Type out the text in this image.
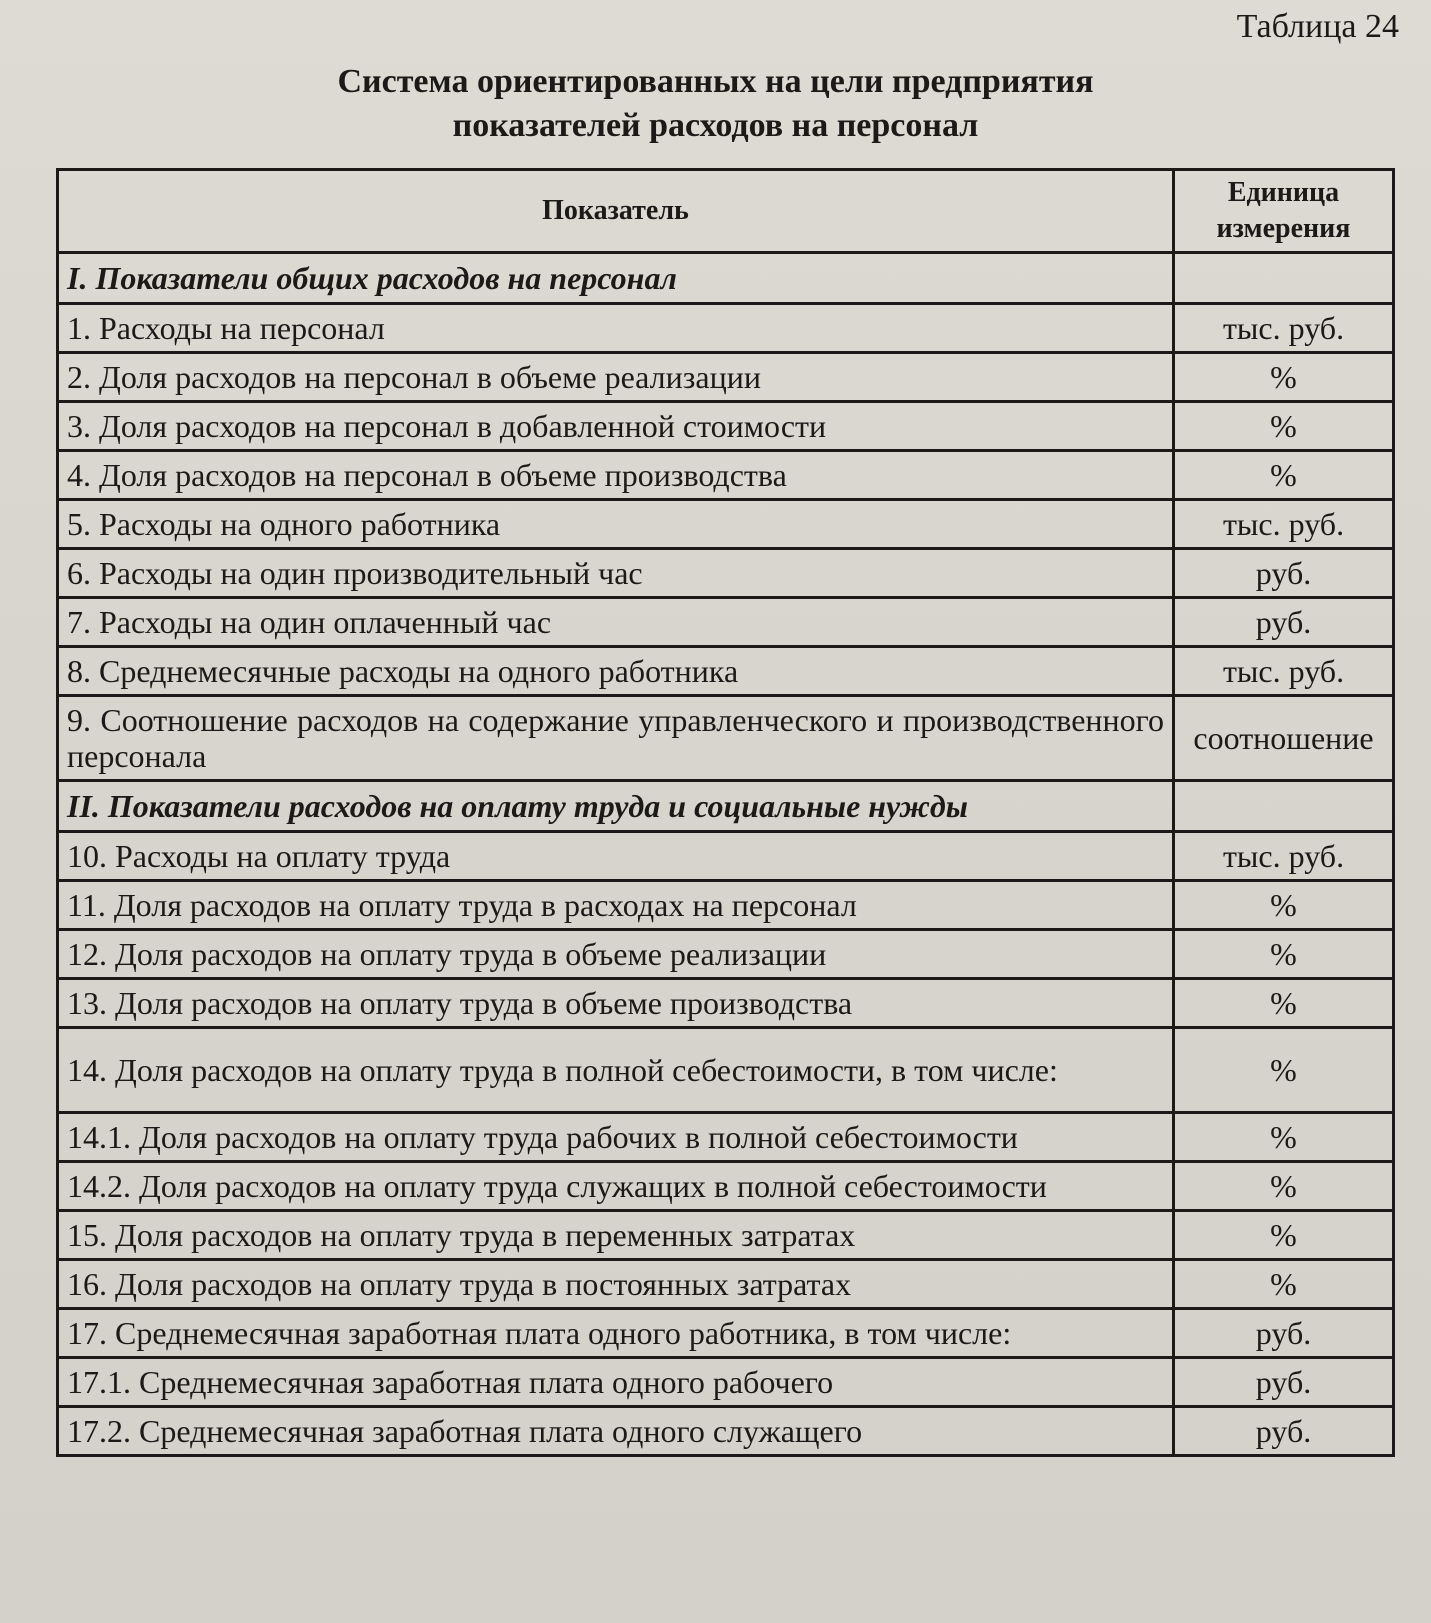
Таблица 24
Система ориентированных на цели предприятия
показателей расходов на персонал
Показатель	Единица
измерения

I. Показатели общих расходов на персонал	
1. Расходы на персонал	тыс. руб.
2. Доля расходов на персонал в объеме реализации	%
3. Доля расходов на персонал в добавленной стоимости	%
4. Доля расходов на персонал в объеме производства	%
5. Расходы на одного работника	тыс. руб.
6. Расходы на один производительный час	руб.
7. Расходы на один оплаченный час	руб.
8. Среднемесячные расходы на одного работника	тыс. руб.
9. Соотношение расходов на содержание управленческого и производственного персонала	соотношение
II. Показатели расходов на оплату труда и социальные нужды	
10. Расходы на оплату труда	тыс. руб.
11. Доля расходов на оплату труда в расходах на персонал	%
12. Доля расходов на оплату труда в объеме реализации	%
13. Доля расходов на оплату труда в объеме производства	%
14. Доля расходов на оплату труда в полной себестоимости, в том числе:	%
14.1. Доля расходов на оплату труда рабочих в полной себестоимости	%
14.2. Доля расходов на оплату труда служащих в полной себестоимости	%
15. Доля расходов на оплату труда в переменных затратах	%
16. Доля расходов на оплату труда в постоянных затратах	%
17. Среднемесячная заработная плата одного работника, в том числе:	руб.
17.1. Среднемесячная заработная плата одного рабочего	руб.
17.2. Среднемесячная заработная плата одного служащего	руб.
